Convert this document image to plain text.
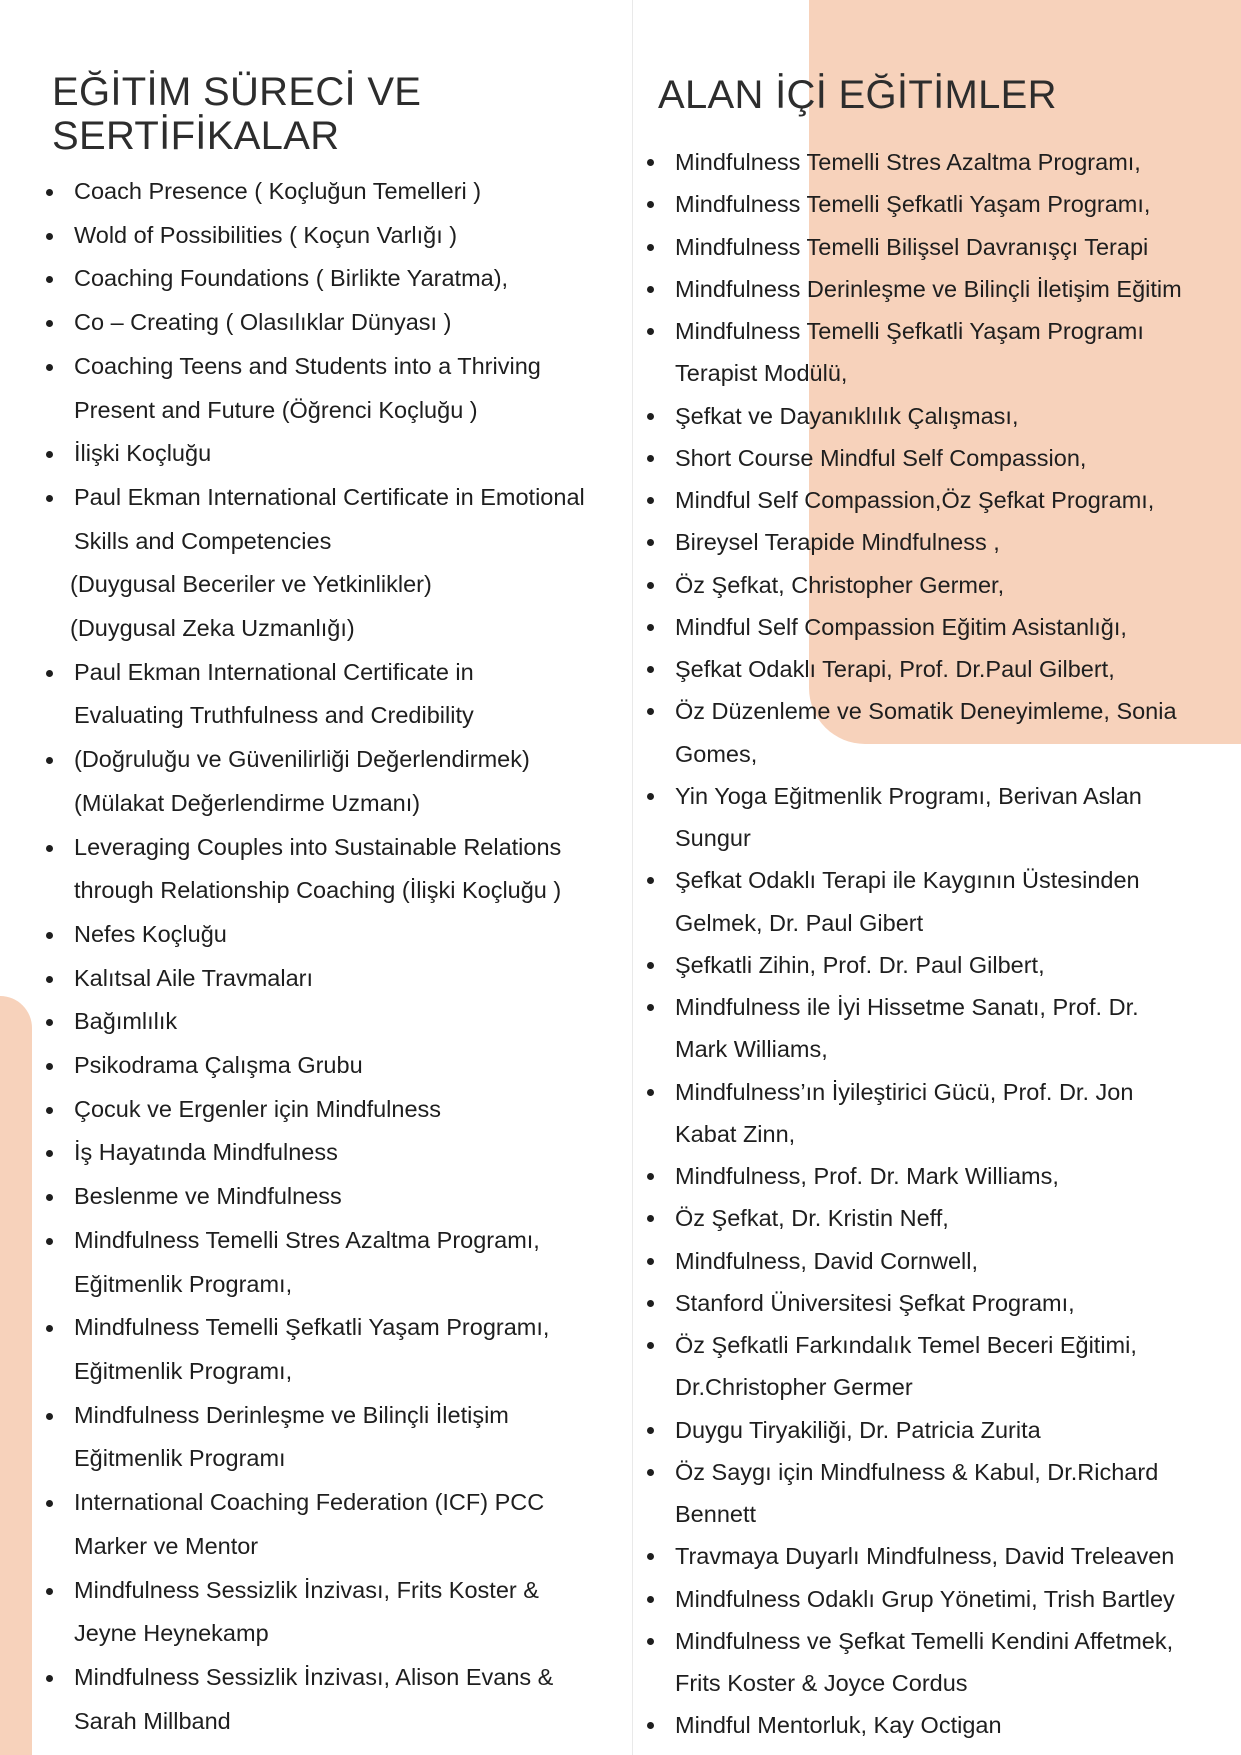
EĞİTİM SÜRECİ VE
SERTİFİKALAR
Coach Presence ( Koçluğun Temelleri )
Wold of Possibilities ( Koçun Varlığı )
Coaching Foundations ( Birlikte Yaratma),
Co – Creating ( Olasılıklar Dünyası )
Coaching Teens and Students into a Thriving
Present and Future (Öğrenci Koçluğu )
İlişki Koçluğu
Paul Ekman International Certificate in Emotional
Skills and Competencies
(Duygusal Beceriler ve Yetkinlikler)
(Duygusal Zeka Uzmanlığı)
Paul Ekman International Certificate in
Evaluating Truthfulness and Credibility
(Doğruluğu ve Güvenilirliği Değerlendirmek)
(Mülakat Değerlendirme Uzmanı)
Leveraging Couples into Sustainable Relations
through Relationship Coaching (İlişki Koçluğu )
Nefes Koçluğu
Kalıtsal Aile Travmaları
Bağımlılık
Psikodrama Çalışma Grubu
Çocuk ve Ergenler için Mindfulness
İş Hayatında Mindfulness
Beslenme ve Mindfulness
Mindfulness Temelli Stres Azaltma Programı,
Eğitmenlik Programı,
Mindfulness Temelli Şefkatli Yaşam Programı,
Eğitmenlik Programı,
Mindfulness Derinleşme ve Bilinçli İletişim
Eğitmenlik Programı
International Coaching Federation (ICF) PCC
Marker ve Mentor
Mindfulness Sessizlik İnzivası, Frits Koster &
Jeyne Heynekamp
Mindfulness Sessizlik İnzivası, Alison Evans &
Sarah Millband
ALAN İÇİ EĞİTİMLER
Mindfulness Temelli Stres Azaltma Programı,
Mindfulness Temelli Şefkatli Yaşam Programı,
Mindfulness Temelli Bilişsel Davranışçı Terapi
Mindfulness Derinleşme ve Bilinçli İletişim Eğitim
Mindfulness Temelli Şefkatli Yaşam Programı
Terapist Modülü,
Şefkat ve Dayanıklılık Çalışması,
Short Course Mindful Self Compassion,
Mindful Self Compassion,Öz Şefkat Programı,
Bireysel Terapide Mindfulness ,
Öz Şefkat, Christopher Germer,
Mindful Self Compassion Eğitim Asistanlığı,
Şefkat Odaklı Terapi, Prof. Dr.Paul Gilbert,
Öz Düzenleme ve Somatik Deneyimleme, Sonia
Gomes,
Yin Yoga Eğitmenlik Programı, Berivan Aslan
Sungur
Şefkat Odaklı Terapi ile Kaygının Üstesinden
Gelmek, Dr. Paul Gibert
Şefkatli Zihin, Prof. Dr. Paul Gilbert,
Mindfulness ile İyi Hissetme Sanatı, Prof. Dr.
Mark Williams,
Mindfulness’ın İyileştirici Gücü, Prof. Dr. Jon
Kabat Zinn,
Mindfulness, Prof. Dr. Mark Williams,
Öz Şefkat, Dr. Kristin Neff,
Mindfulness, David Cornwell,
Stanford Üniversitesi Şefkat Programı,
Öz Şefkatli Farkındalık Temel Beceri Eğitimi,
Dr.Christopher Germer
Duygu Tiryakiliği, Dr. Patricia Zurita
Öz Saygı için Mindfulness & Kabul, Dr.Richard
Bennett
Travmaya Duyarlı Mindfulness, David Treleaven
Mindfulness Odaklı Grup Yönetimi, Trish Bartley
Mindfulness ve Şefkat Temelli Kendini Affetmek,
Frits Koster & Joyce Cordus
Mindful Mentorluk, Kay Octigan
